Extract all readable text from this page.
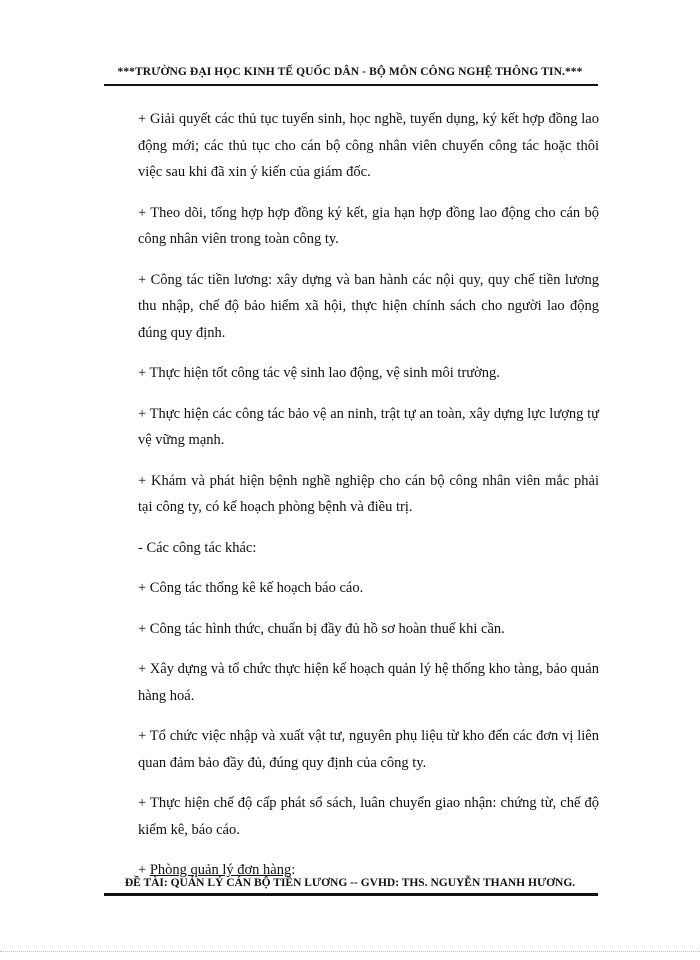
***TRƯỜNG ĐẠI HỌC KINH TẾ QUỐC DÂN - BỘ MÔN CÔNG NGHỆ THÔNG TIN.***

+ Giải quyết các thủ tục tuyển sinh, học nghề, tuyển dụng, ký kết hợp đồng lao động mới; các thủ tục cho cán bộ công nhân viên chuyển công tác hoặc thôi việc sau khi đã xin ý kiến của giám đốc.

+ Theo dõi, tổng hợp hợp đồng ký kết, gia hạn hợp đồng lao động cho cán bộ công nhân viên trong toàn công ty.

+ Công tác tiền lương: xây dựng và ban hành các nội quy, quy chế tiền lương thu nhập, chế độ bảo hiểm xã hội, thực hiện chính sách cho người lao động đúng quy định.

+ Thực hiện tốt công tác vệ sinh lao động, vệ sinh môi trường.

+ Thực hiện các công tác bảo vệ an ninh, trật tự an toàn, xây dựng lực lượng tự vệ vững mạnh.

+ Khám và phát hiện bệnh nghề nghiệp cho cán bộ công nhân viên mắc phải tại công ty, có kế hoạch phòng bệnh và điều trị.

- Các công tác khác:

+ Công tác thống kê kế hoạch báo cáo.

+ Công tác hình thức, chuẩn bị đầy đủ hồ sơ hoàn thuế khi cần.

+ Xây dựng và tổ chức thực hiện kế hoạch quản lý hệ thống kho tàng, bảo quản hàng hoá.

+ Tổ chức việc nhập và xuất vật tư, nguyên phụ liệu từ kho đến các đơn vị liên quan đảm bảo đầy đủ, đúng quy định của công ty.

+ Thực hiện chế độ cấp phát sổ sách, luân chuyển giao nhận: chứng từ, chế độ kiểm kê, báo cáo.

+ Phòng quản lý đơn hàng:

ĐỀ TÀI: QUẢN LÝ CÁN BỘ TIỀN LƯƠNG -- GVHD: THS. NGUYỄN THANH HƯƠNG.
